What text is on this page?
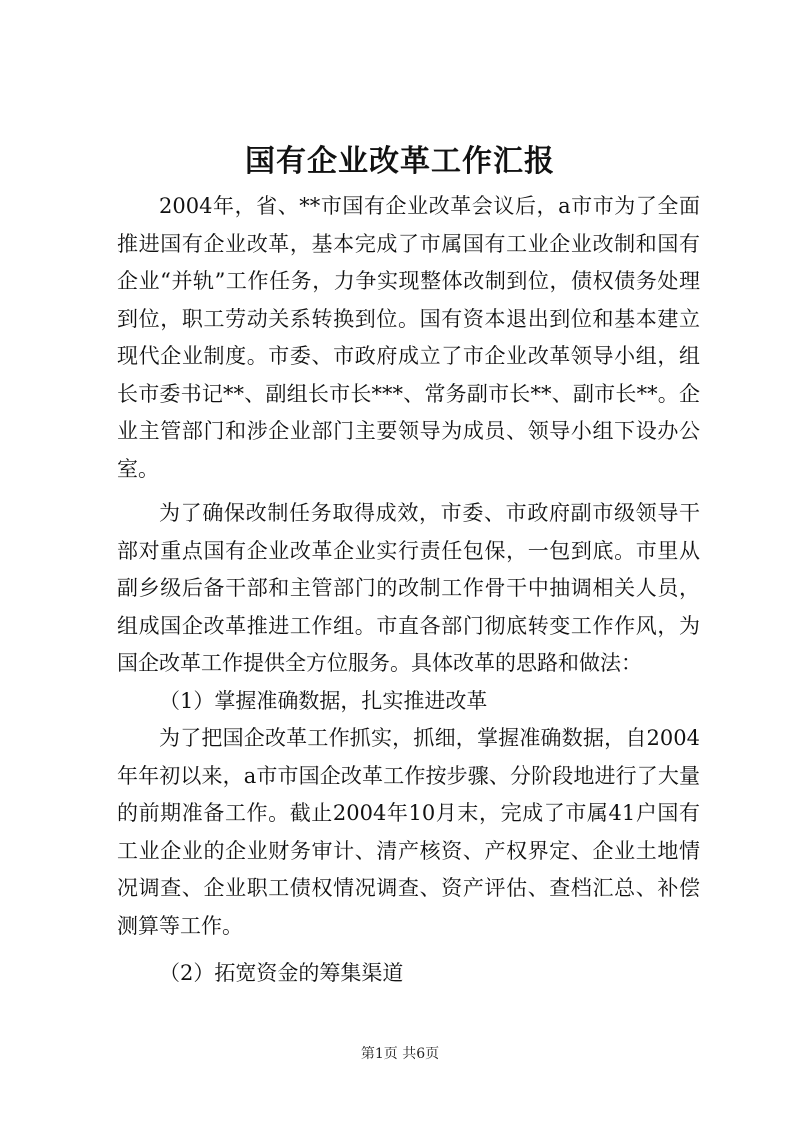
国有企业改革工作汇报

2004年，省、**市国有企业改革会议后，a市市为了全面推进国有企业改革，基本完成了市属国有工业企业改制和国有企业“并轨”工作任务，力争实现整体改制到位，债权债务处理到位，职工劳动关系转换到位。国有资本退出到位和基本建立现代企业制度。市委、市政府成立了市企业改革领导小组，组长市委书记**、副组长市长***、常务副市长**、副市长**。企业主管部门和涉企业部门主要领导为成员、领导小组下设办公室。

为了确保改制任务取得成效，市委、市政府副市级领导干部对重点国有企业改革企业实行责任包保，一包到底。市里从副乡级后备干部和主管部门的改制工作骨干中抽调相关人员，组成国企改革推进工作组。市直各部门彻底转变工作作风，为国企改革工作提供全方位服务。具体改革的思路和做法：

（1）掌握准确数据，扎实推进改革

为了把国企改革工作抓实，抓细，掌握准确数据，自2004年年初以来，a市市国企改革工作按步骤、分阶段地进行了大量的前期准备工作。截止2004年10月末，完成了市属41户国有工业企业的企业财务审计、清产核资、产权界定、企业土地情况调查、企业职工债权情况调查、资产评估、查档汇总、补偿测算等工作。

（2）拓宽资金的筹集渠道

第1页 共6页
